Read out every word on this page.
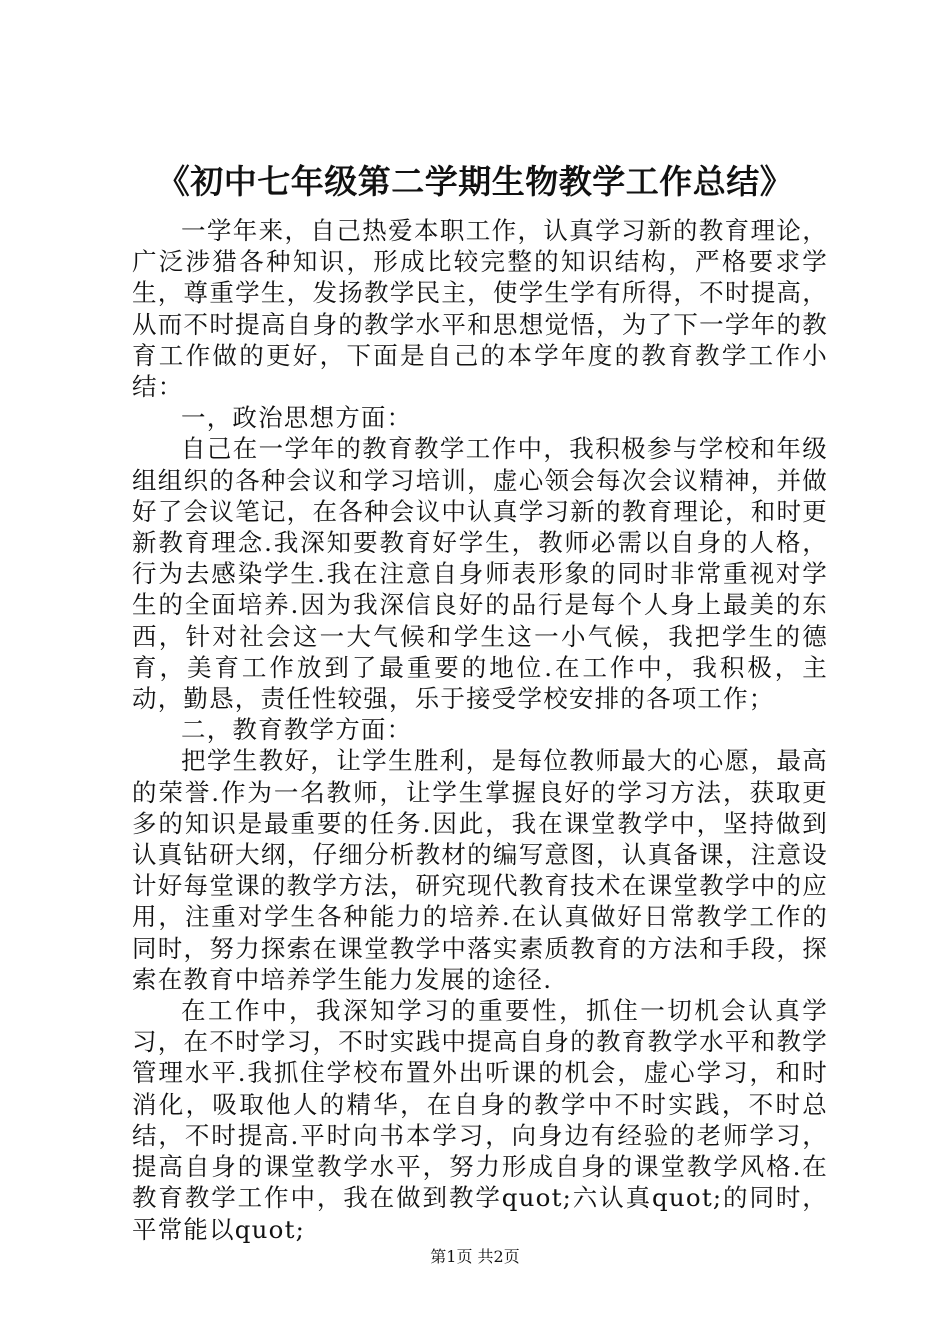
《初中七年级第二学期生物教学工作总结》

一学年来，自己热爱本职工作，认真学习新的教育理论，广泛涉猎各种知识，形成比较完整的知识结构，严格要求学生，尊重学生，发扬教学民主，使学生学有所得，不时提高，从而不时提高自身的教学水平和思想觉悟，为了下一学年的教育工作做的更好，下面是自己的本学年度的教育教学工作小结：

一，政治思想方面：

自己在一学年的教育教学工作中，我积极参与学校和年级组组织的各种会议和学习培训，虚心领会每次会议精神，并做好了会议笔记，在各种会议中认真学习新的教育理论，和时更新教育理念.我深知要教育好学生，教师必需以自身的人格，行为去感染学生.我在注意自身师表形象的同时非常重视对学生的全面培养.因为我深信良好的品行是每个人身上最美的东西，针对社会这一大气候和学生这一小气候，我把学生的德育，美育工作放到了最重要的地位.在工作中，我积极，主动，勤恳，责任性较强，乐于接受学校安排的各项工作；

二，教育教学方面：

把学生教好，让学生胜利，是每位教师最大的心愿，最高的荣誉.作为一名教师，让学生掌握良好的学习方法，获取更多的知识是最重要的任务.因此，我在课堂教学中，坚持做到认真钻研大纲，仔细分析教材的编写意图，认真备课，注意设计好每堂课的教学方法，研究现代教育技术在课堂教学中的应用，注重对学生各种能力的培养.在认真做好日常教学工作的同时，努力探索在课堂教学中落实素质教育的方法和手段，探索在教育中培养学生能力发展的途径.

在工作中，我深知学习的重要性，抓住一切机会认真学习，在不时学习，不时实践中提高自身的教育教学水平和教学管理水平.我抓住学校布置外出听课的机会，虚心学习，和时消化，吸取他人的精华，在自身的教学中不时实践，不时总结，不时提高.平时向书本学习，向身边有经验的老师学习，提高自身的课堂教学水平，努力形成自身的课堂教学风格.在教育教学工作中，我在做到教学quot;六认真quot;的同时，平常能以quot;

第1页 共2页
